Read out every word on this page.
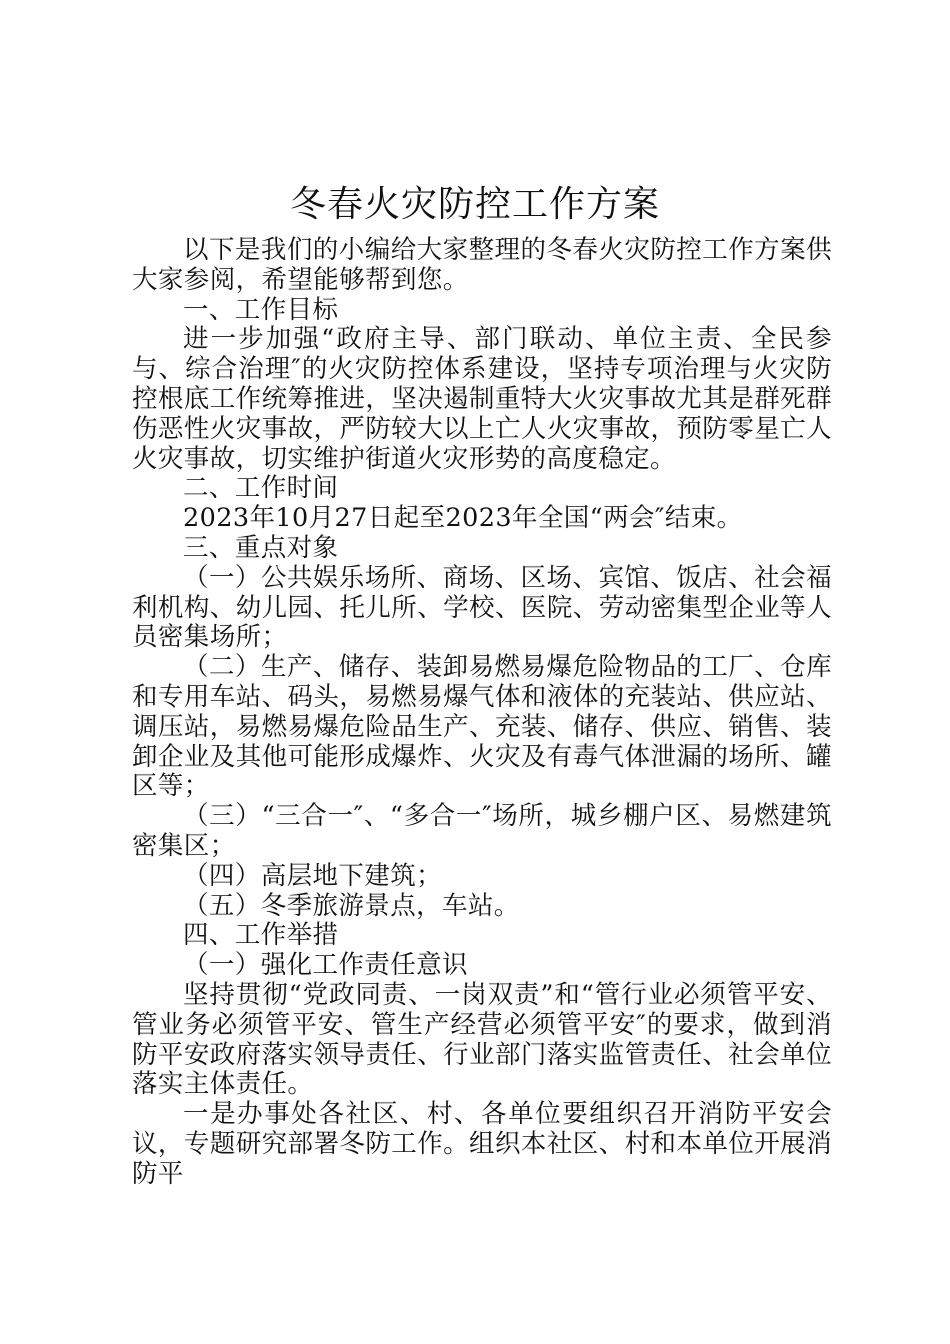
冬春火灾防控工作方案

以下是我们的小编给大家整理的冬春火灾防控工作方案供大家参阅，希望能够帮到您。

一、工作目标

进一步加强“政府主导、部门联动、单位主责、全民参与、综合治理″的火灾防控体系建设，坚持专项治理与火灾防控根底工作统筹推进，坚决遏制重特大火灾事故尤其是群死群伤恶性火灾事故，严防较大以上亡人火灾事故，预防零星亡人火灾事故，切实维护街道火灾形势的高度稳定。

二、工作时间

2023年10月27日起至2023年全国“两会″结束。

三、重点对象

（一）公共娱乐场所、商场、区场、宾馆、饭店、社会福利机构、幼儿园、托儿所、学校、医院、劳动密集型企业等人员密集场所；

（二）生产、储存、装卸易燃易爆危险物品的工厂、仓库和专用车站、码头，易燃易爆气体和液体的充装站、供应站、调压站，易燃易爆危险品生产、充装、储存、供应、销售、装卸企业及其他可能形成爆炸、火灾及有毒气体泄漏的场所、罐区等；

（三）“三合一″、“多合一″场所，城乡棚户区、易燃建筑密集区；

（四）高层地下建筑；

（五）冬季旅游景点，车站。

四、工作举措

（一）强化工作责任意识

坚持贯彻“党政同责、一岗双责”和“管行业必须管平安、管业务必须管平安、管生产经营必须管平安″的要求，做到消防平安政府落实领导责任、行业部门落实监管责任、社会单位落实主体责任。

一是办事处各社区、村、各单位要组织召开消防平安会议，专题研究部署冬防工作。组织本社区、村和本单位开展消防平
